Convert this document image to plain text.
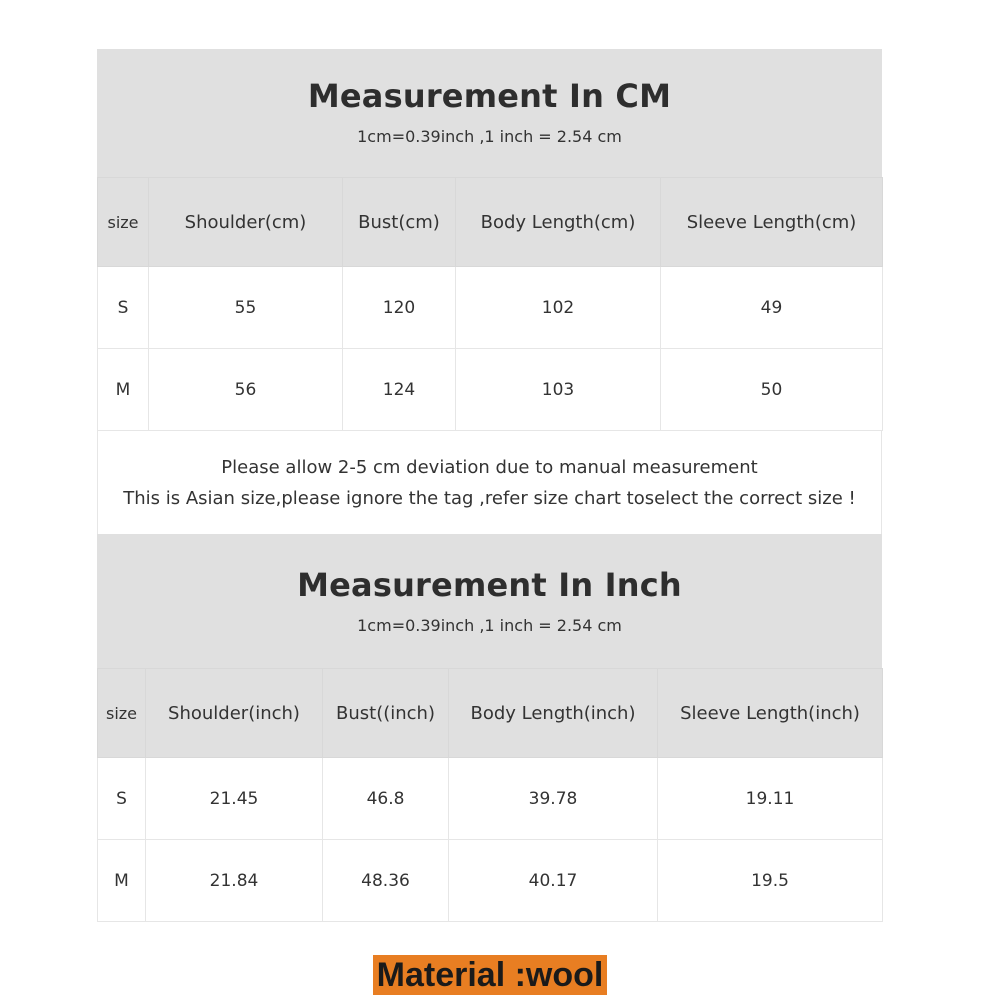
Measurement In CM
1cm=0.39inch ,1 inch = 2.54 cm
size	Shoulder(cm)	Bust(cm)	Body Length(cm)	Sleeve Length(cm)
S	55	120	102	49
M	56	124	103	50
Please allow 2-5 cm deviation due to manual measurement
This is Asian size,please ignore the tag ,refer size chart toselect the correct size !
Measurement In Inch
1cm=0.39inch ,1 inch = 2.54 cm
size	Shoulder(inch)	Bust((inch)	Body Length(inch)	Sleeve Length(inch)
S	21.45	46.8	39.78	19.11
M	21.84	48.36	40.17	19.5
Material :wool
